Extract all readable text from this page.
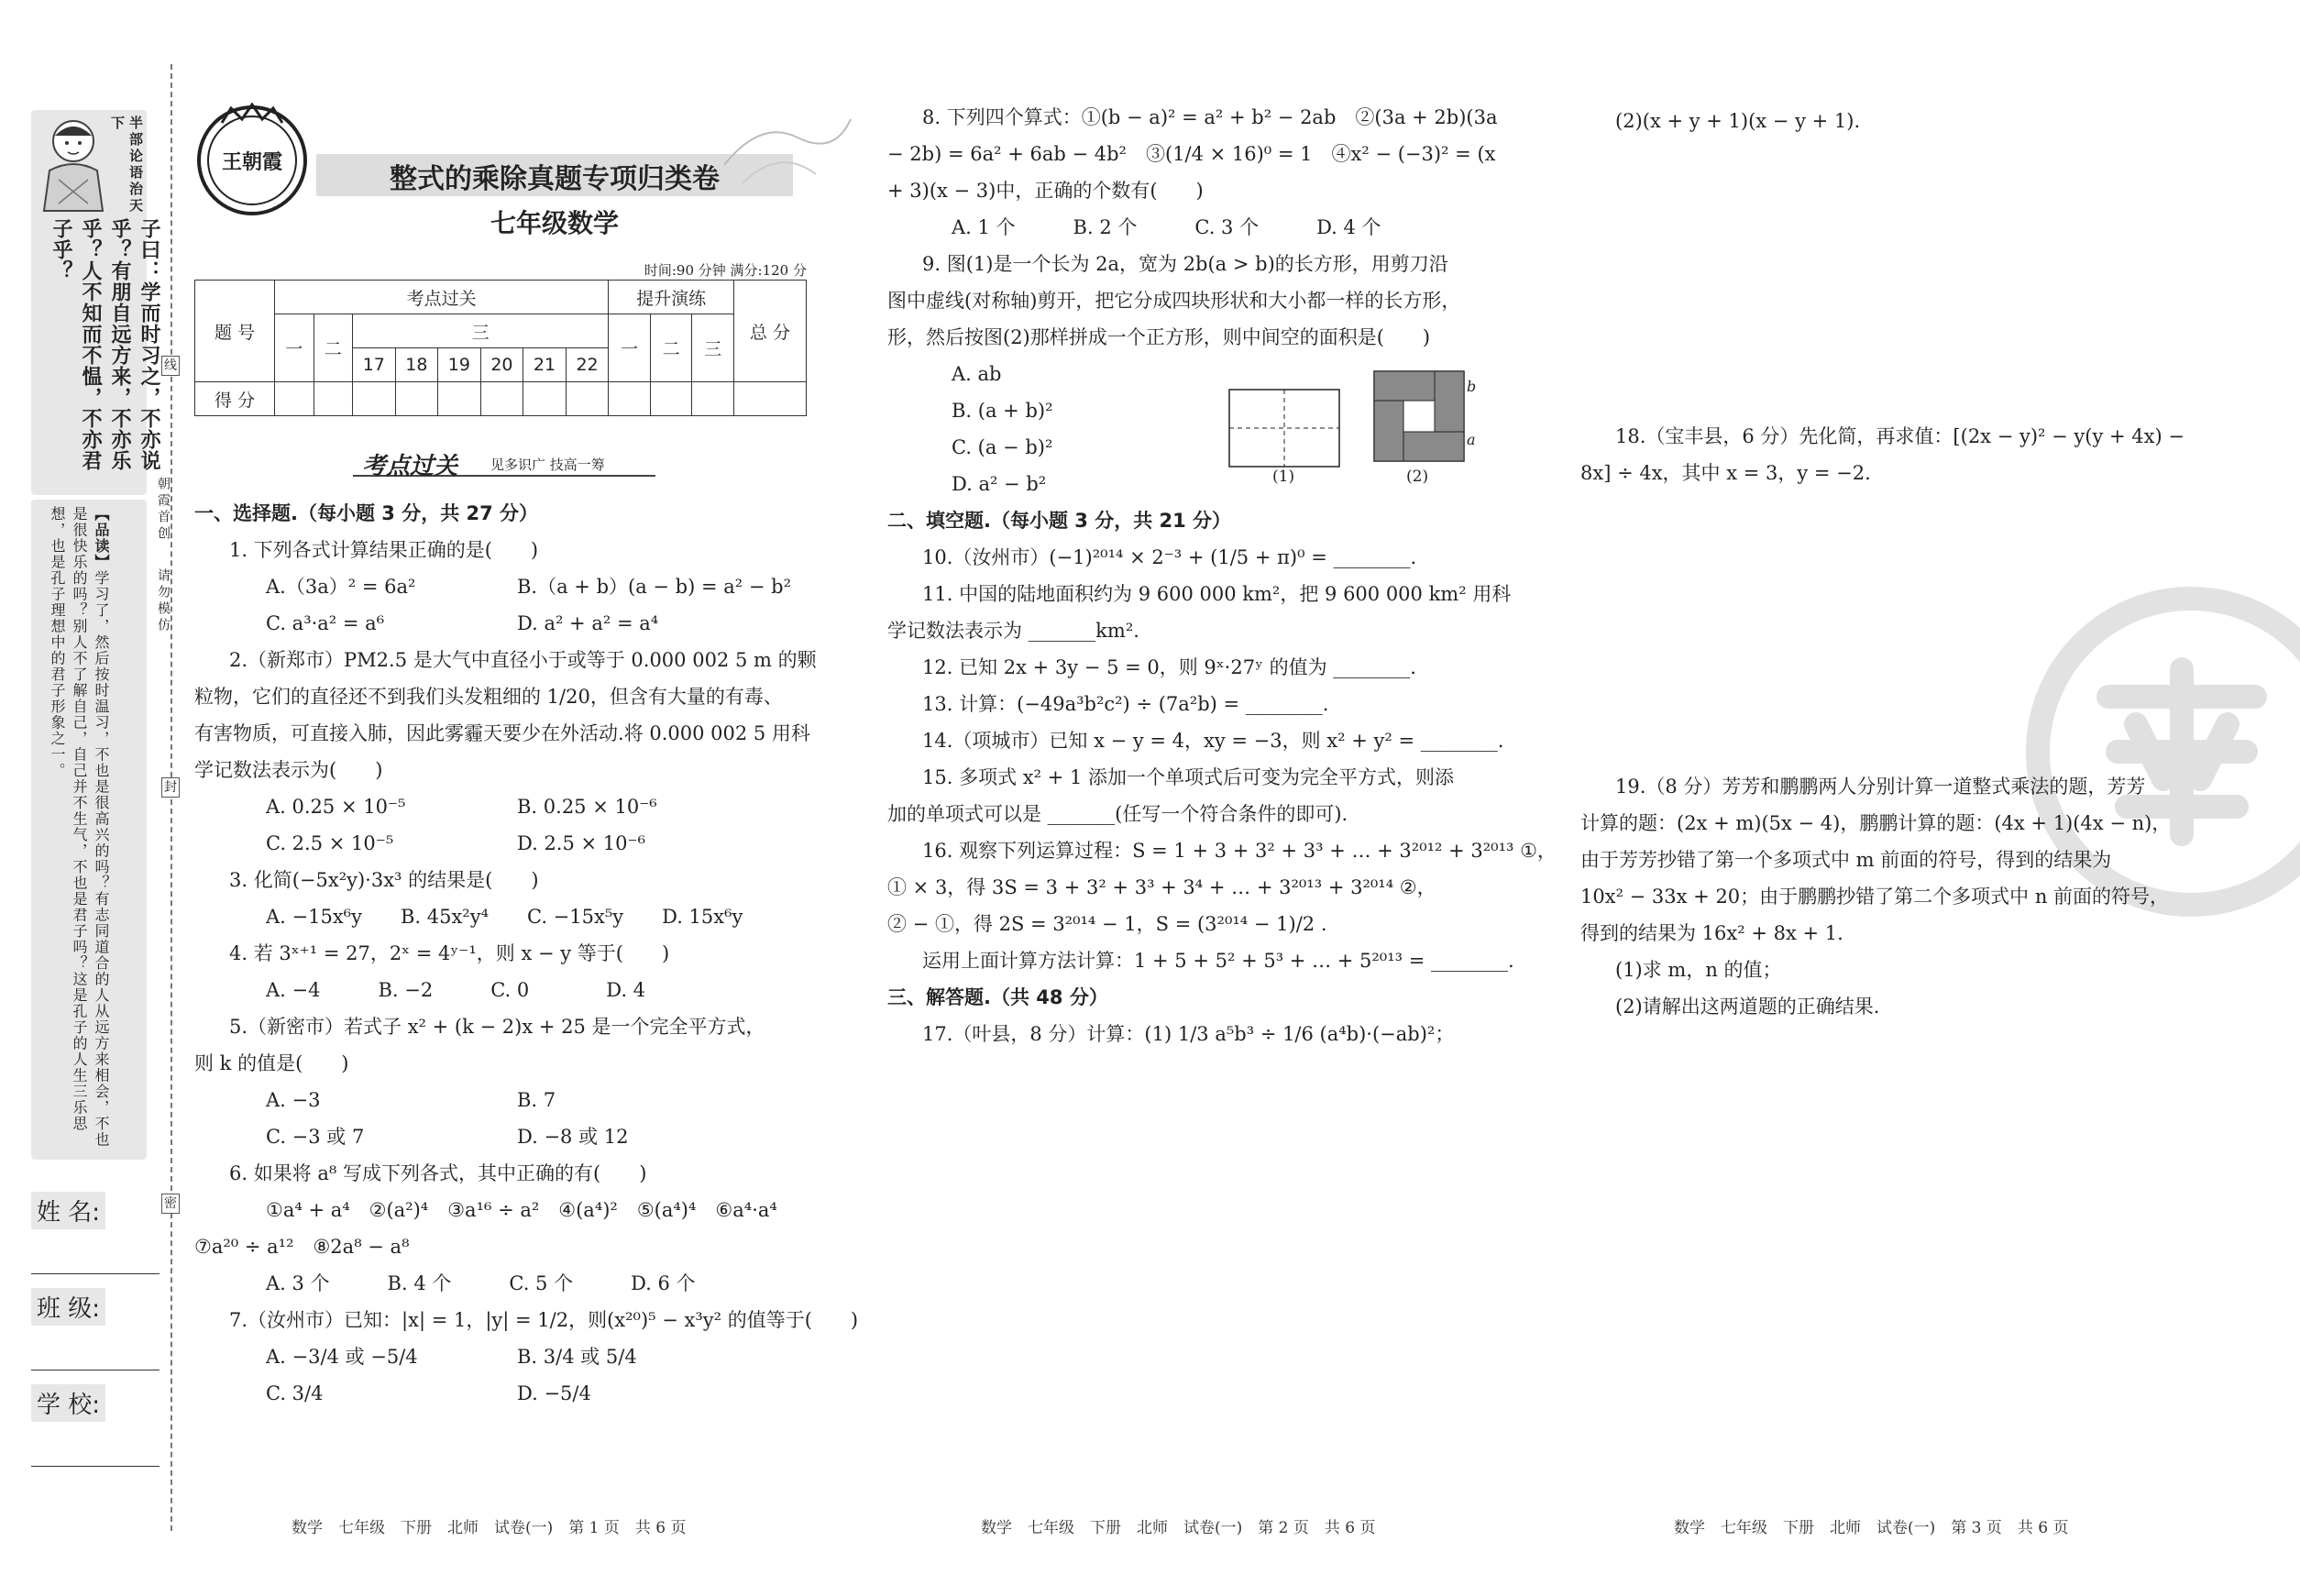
半部论语治天下
子曰：学而时习之，不亦说乎？有朋自远方来，不亦乐乎？人不知而不愠，不亦君子乎？
【品读】学习了，然后按时温习，不也是很高兴的吗？有志同道合的人从远方来相会，不也是很快乐的吗？别人不了解自己，自己并不生气，不也是君子吗？这是孔子的人生三乐思想，也是孔子理想中的君子形象之一。	朝霞首创
请勿模仿
线
封
密
姓 名:
班 级:
学 校:
王朝霞
整式的乘除真题专项归类卷
七年级数学
时间:90 分钟 满分:120 分
题 号	考点过关								提升演练			总 分
	一	二	三						一	二	三	
			17	18	19	20	21	22				
得 分												
考点过关 见多识广 技高一筹

一、选择题.（每小题 3 分，共 27 分）

1. 下列各式计算结果正确的是(　　)

A.（3a）² = 6a²	B.（a + b）(a − b) = a² − b²

C. a³·a² = a⁶	D. a² + a² = a⁴

2.（新郑市）PM2.5 是大气中直径小于或等于 0.000 002 5 m 的颗

粒物，它们的直径还不到我们头发粗细的 1/20，但含有大量的有毒、

有害物质，可直接入肺，因此雾霾天要少在外活动.将 0.000 002 5 用科

学记数法表示为(　　)

A. 0.25 × 10⁻⁵	B. 0.25 × 10⁻⁶

C. 2.5 × 10⁻⁵	D. 2.5 × 10⁻⁶

3. 化简(−5x²y)·3x³ 的结果是(　　)

A. −15x⁶y　　B. 45x²y⁴　　C. −15x⁵y　　D. 15x⁶y

4. 若 3ˣ⁺¹ = 27，2ˣ = 4ʸ⁻¹，则 x − y 等于(　　)

A. −4　　　B. −2　　　C. 0　　　　D. 4

5.（新密市）若式子 x² + (k − 2)x + 25 是一个完全平方式，

则 k 的值是(　　)

A. −3	B. 7

C. −3 或 7	D. −8 或 12

6. 如果将 a⁸ 写成下列各式，其中正确的有(　　)

①a⁴ + a⁴　②(a²)⁴　③a¹⁶ ÷ a²　④(a⁴)²　⑤(a⁴)⁴　⑥a⁴·a⁴

⑦a²⁰ ÷ a¹²　⑧2a⁸ − a⁸

A. 3 个　　　B. 4 个　　　C. 5 个　　　D. 6 个

7.（汝州市）已知：|x| = 1，|y| = 1/2，则(x²⁰)⁵ − x³y² 的值等于(　　)

A. −3/4 或 −5/4	B. 3/4 或 5/4

C. 3/4	D. −5/4

8. 下列四个算式：①(b − a)² = a² + b² − 2ab　②(3a + 2b)(3a

− 2b) = 6a² + 6ab − 4b²　③(1/4 × 16)⁰ = 1　④x² − (−3)² = (x

+ 3)(x − 3)中，正确的个数有(　　)

A. 1 个　　　B. 2 个　　　C. 3 个　　　D. 4 个

9. 图(1)是一个长为 2a，宽为 2b(a > b)的长方形，用剪刀沿

图中虚线(对称轴)剪开，把它分成四块形状和大小都一样的长方形，

形，然后按图(2)那样拼成一个正方形，则中间空的面积是(　　)

A. ab

B. (a + b)²

C. (a − b)²

D. a² − b²

二、填空题.（每小题 3 分，共 21 分）

10.（汝州市）(−1)²⁰¹⁴ × 2⁻³ + (1/5 + π)⁰ = ________.

11. 中国的陆地面积约为 9 600 000 km²，把 9 600 000 km² 用科

学记数法表示为 _______km².

12. 已知 2x + 3y − 5 = 0，则 9ˣ·27ʸ 的值为 ________.

13. 计算：(−49a³b²c²) ÷ (7a²b) = ________.

14.（项城市）已知 x − y = 4，xy = −3，则 x² + y² = ________.

15. 多项式 x² + 1 添加一个单项式后可变为完全平方式，则添

加的单项式可以是 _______(任写一个符合条件的即可).

16. 观察下列运算过程：S = 1 + 3 + 3² + 3³ + … + 3²⁰¹² + 3²⁰¹³ ①，

① × 3，得 3S = 3 + 3² + 3³ + 3⁴ + … + 3²⁰¹³ + 3²⁰¹⁴ ②，

② − ①，得 2S = 3²⁰¹⁴ − 1，S = (3²⁰¹⁴ − 1)/2 .

运用上面计算方法计算：1 + 5 + 5² + 5³ + … + 5²⁰¹³ = ________.

三、解答题.（共 48 分）

17.（叶县，8 分）计算：(1) 1/3 a⁵b³ ÷ 1/6 (a⁴b)·(−ab)²；

(1)
b
a
(2)
(2)(x + y + 1)(x − y + 1).

18.（宝丰县，6 分）先化简，再求值：[(2x − y)² − y(y + 4x) −

8x] ÷ 4x，其中 x = 3，y = −2.

19.（8 分）芳芳和鹏鹏两人分别计算一道整式乘法的题，芳芳

计算的题：(2x + m)(5x − 4)，鹏鹏计算的题：(4x + 1)(4x − n)，

由于芳芳抄错了第一个多项式中 m 前面的符号，得到的结果为

10x² − 33x + 20；由于鹏鹏抄错了第二个多项式中 n 前面的符号，

得到的结果为 16x² + 8x + 1.

(1)求 m，n 的值；

(2)请解出这两道题的正确结果.

数学　七年级　下册　北师　试卷(一)　第 1 页　共 6 页	数学　七年级　下册　北师　试卷(一)　第 2 页　共 6 页	数学　七年级　下册　北师　试卷(一)　第 3 页　共 6 页
